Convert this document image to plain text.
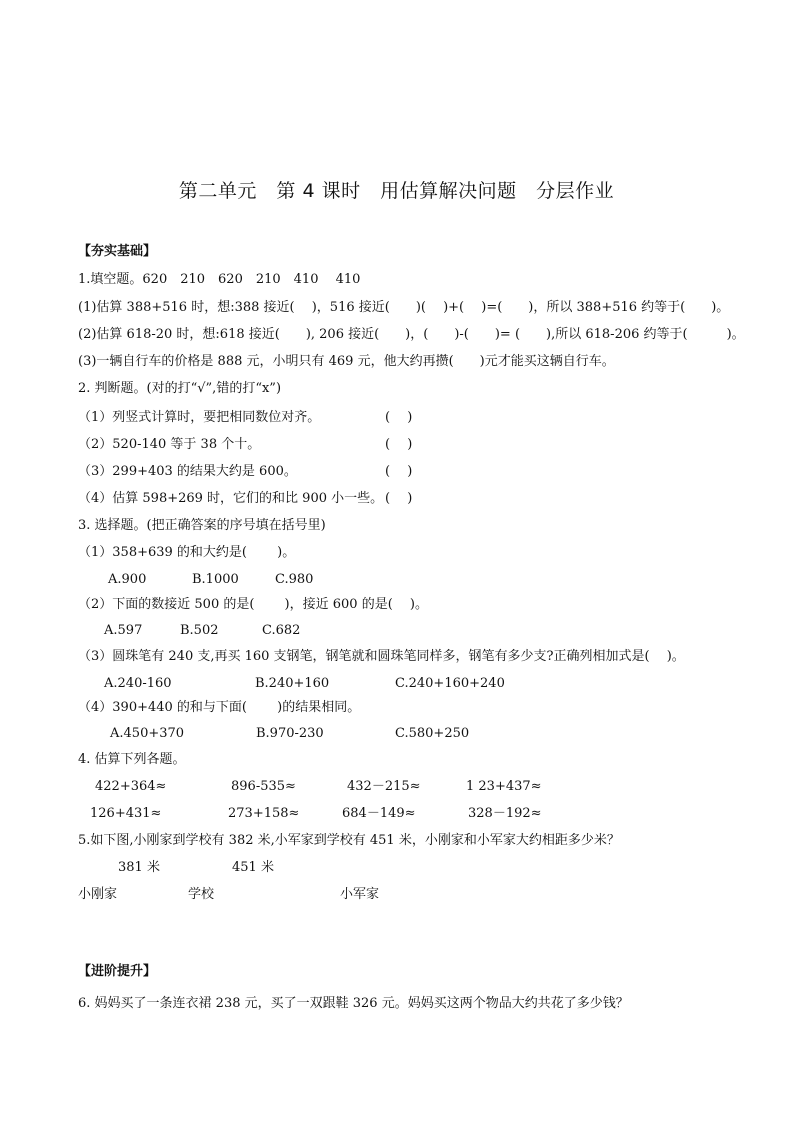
第二单元　第 4 课时　用估算解决问题　分层作业
【夯实基础】
1.填空题。620　210　620　210　410　 410
(1)估算 388+516 时，想:388 接近(　 )，516 接近(　　)(　 )+(　 )=(　　)，所以 388+516 约等于(　　)。
(2)估算 618-20 时，想:618 接近(　　), 206 接近(　　)，(　　)-(　　)= (　　),所以 618-206 约等于(　　　)。
(3)一辆自行车的价格是 888 元，小明只有 469 元，他大约再攒(　　)元才能买这辆自行车。
2. 判断题。(对的打“√”,错的打“x”)
（1）列竖式计算时，要把相同数位对齐。	(　 )
（2）520-140 等于 38 个十。	(　 )
（3）299+403 的结果大约是 600。	(　 )
（4）估算 598+269 时，它们的和比 900 小一些。 (　 )
3. 选择题。(把正确答案的序号填在括号里)
（1）358+639 的和大约是(　　 )。
A.900	B.1000	C.980
（2）下面的数接近 500 的是(　　 )，接近 600 的是(　 )。
A.597	B.502	C.682
（3）圆珠笔有 240 支,再买 160 支钢笔，钢笔就和圆珠笔同样多，钢笔有多少支?正确列相加式是(　 )。
A.240-160	B.240+160	C.240+160+240
（4）390+440 的和与下面(　　 )的结果相同。
A.450+370	B.970-230	C.580+250
4. 估算下列各题。
422+364≈	896-535≈	432－215≈	1 23+437≈
126+431≈	273+158≈	684－149≈	328－192≈
5.如下图,小刚家到学校有 382 米,小军家到学校有 451 米，小刚家和小军家大约相距多少米？
381 米	451 米
小刚家	学校	小军家
【进阶提升】
6. 妈妈买了一条连衣裙 238 元，买了一双跟鞋 326 元。妈妈买这两个物品大约共花了多少钱？
